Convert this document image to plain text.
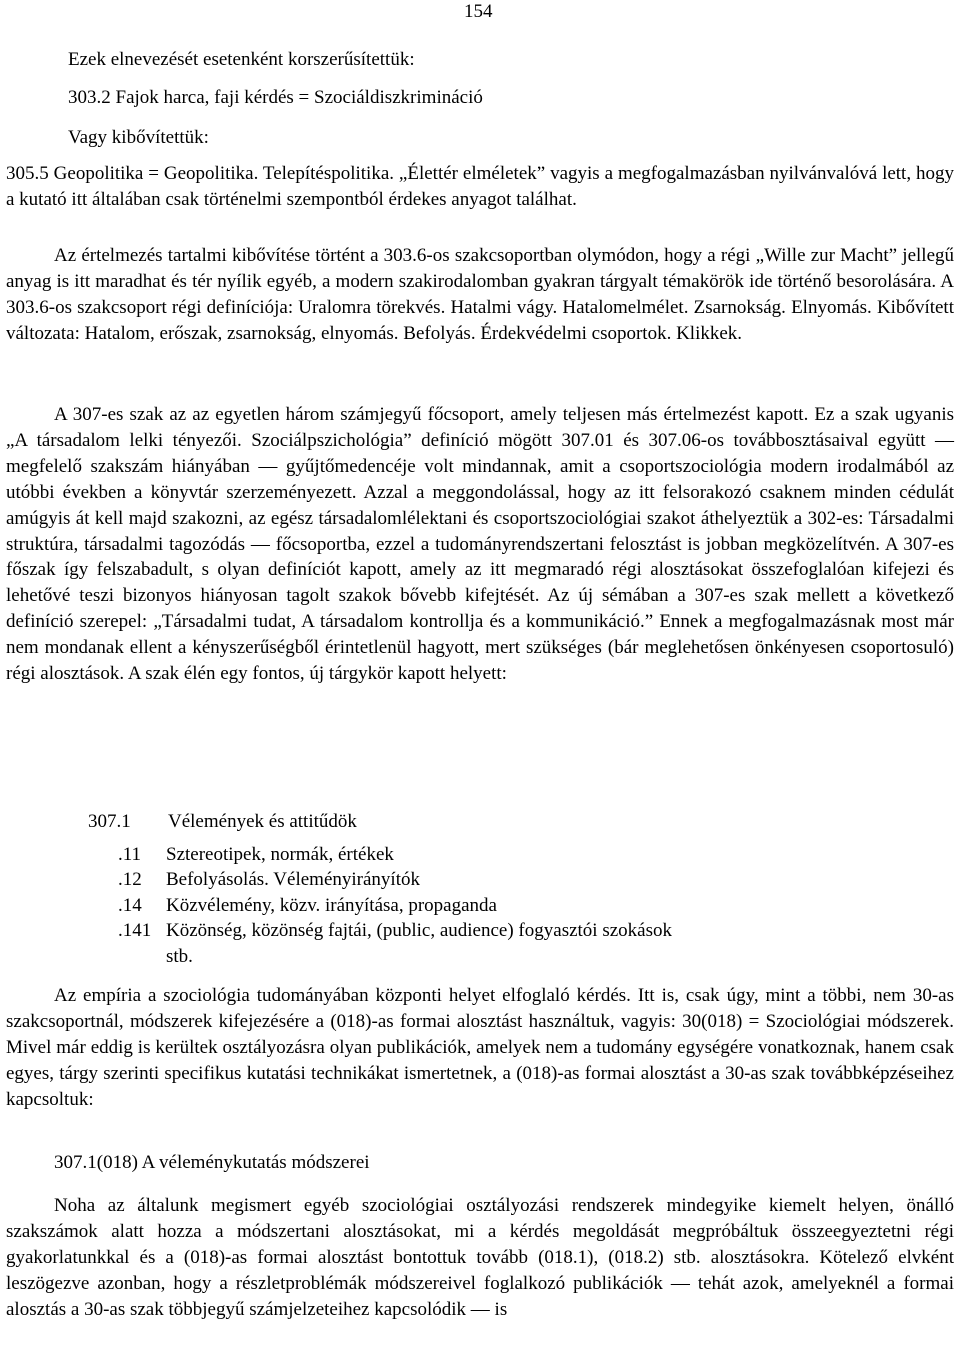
154
Ezek elnevezését esetenként korszerűsítettük:
303.2 Fajok harca, faji kérdés = Szociáldiszkrimináció
Vagy kibővítettük:
305.5 Geopolitika = Geopolitika. Telepítéspolitika. „Élettér elméletek” vagyis a megfogalmazásban nyilvánvalóvá lett, hogy a kutató itt általában csak történelmi szempontból érdekes anyagot találhat.
Az értelmezés tartalmi kibővítése történt a 303.6-os szakcsoportban olymódon, hogy a régi „Wille zur Macht” jellegű anyag is itt maradhat és tér nyílik egyéb, a modern szakirodalomban gyakran tárgyalt témakörök ide történő besorolására. A 303.6-os szakcsoport régi definíciója: Uralomra törekvés. Hatalmi vágy. Hatalomelmélet. Zsarnokság. Elnyomás. Kibővített változata: Hatalom, erőszak, zsarnokság, elnyomás. Befolyás. Érdekvédelmi csoportok. Klikkek.
A 307-es szak az az egyetlen három számjegyű főcsoport, amely teljesen más értelmezést kapott. Ez a szak ugyanis „A társadalom lelki tényezői. Szociálpszichológia” definíció mögött 307.01 és 307.06-os továbbosztásaival együtt — megfelelő szakszám hiányában — gyűjtőmedencéje volt mindannak, amit a csoportszociológia modern irodalmából az utóbbi években a könyvtár szerzeményezett. Azzal a meggondolással, hogy az itt felsorakozó csaknem minden cédulát amúgyis át kell majd szakozni, az egész társadalomlélektani és csoportszociológiai szakot áthelyeztük a 302-es: Társadalmi struktúra, társadalmi tagozódás — főcsoportba, ezzel a tudományrendszertani felosztást is jobban megközelítvén. A 307-es főszak így felszabadult, s olyan definíciót kapott, amely az itt megmaradó régi alosztásokat összefoglalóan kifejezi és lehetővé teszi bizonyos hiányosan tagolt szakok bővebb kifejtését. Az új sémában a 307-es szak mellett a következő definíció szerepel: „Társadalmi tudat, A társadalom kontrollja és a kommunikáció.” Ennek a megfogalmazásnak most már nem mondanak ellent a kényszerűségből érintetlenül hagyott, mert szükséges (bár meglehetősen önkényesen csoportosuló) régi alosztások. A szak élén egy fontos, új tárgykör kapott helyett:
307.1 Vélemények és attitűdök
.11 Sztereotipek, normák, értékek
.12 Befolyásolás. Véleményirányítók
.14 Közvélemény, közv. irányítása, propaganda
.141 Közönség, közönség fajtái, (public, audience) fogyasztói szokások
stb.
Az empíria a szociológia tudományában központi helyet elfoglaló kérdés. Itt is, csak úgy, mint a többi, nem 30-as szakcsoportnál, módszerek kifejezésére a (018)-as formai alosztást használtuk, vagyis: 30(018) = Szociológiai módszerek. Mivel már eddig is kerültek osztályozásra olyan publikációk, amelyek nem a tudomány egységére vonatkoznak, hanem csak egyes, tárgy szerinti specifikus kutatási technikákat ismertetnek, a (018)-as formai alosztást a 30-as szak továbbképzéseihez kapcsoltuk:
307.1(018) A véleménykutatás módszerei
Noha az általunk megismert egyéb szociológiai osztályozási rendszerek mindegyike kiemelt helyen, önálló szakszámok alatt hozza a módszertani alosztásokat, mi a kérdés megoldását megpróbáltuk összeegyeztetni régi gyakorlatunkkal és a (018)-as formai alosztást bontottuk tovább (018.1), (018.2) stb. alosztásokra. Kötelező elvként leszögezve azonban, hogy a részletproblémák módszereivel foglalkozó publikációk — tehát azok, amelyeknél a formai alosztás a 30-as szak többjegyű számjelzeteihez kapcsolódik — is
